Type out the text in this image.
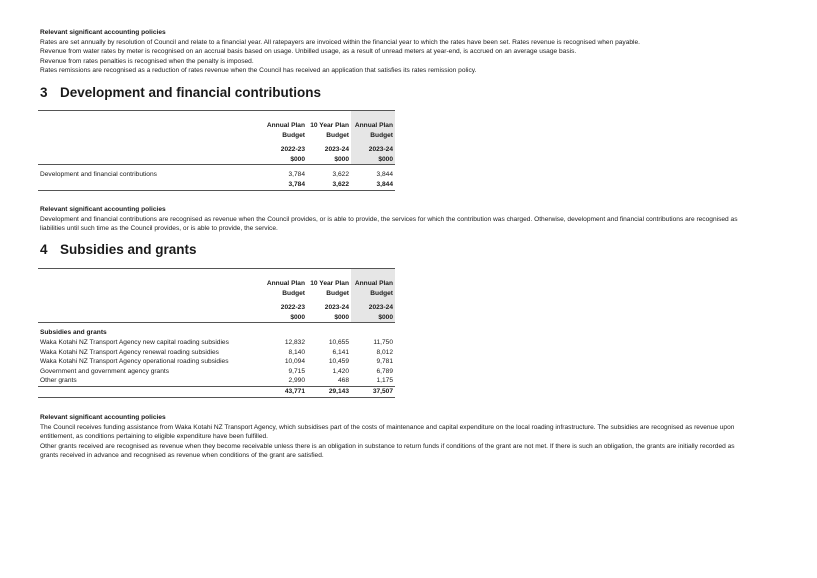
Relevant significant accounting policies

Rates are set annually by resolution of Council and relate to a financial year. All ratepayers are invoiced within the financial year to which the rates have been set. Rates revenue is recognised when payable.

Revenue from water rates by meter is recognised on an accrual basis based on usage. Unbilled usage, as a result of unread meters at year-end, is accrued on an average usage basis.

Revenue from rates penalties is recognised when the penalty is imposed.

Rates remissions are recognised as a reduction of rates revenue when the Council has received an application that satisfies its rates remission policy.

3 Development and financial contributions

	Annual Plan	10 Year Plan	Annual Plan
	Budget	Budget	Budget

	2022-23	2023-24	2023-24
	$000	$000	$000

Development and financial contributions	3,784	3,622	3,844
	3,784	3,622	3,844

Relevant significant accounting policies

Development and financial contributions are recognised as revenue when the Council provides, or is able to provide, the services for which the contribution was charged. Otherwise, development and financial contributions are recognised as liabilities until such time as the Council provides, or is able to provide, the service.

4 Subsidies and grants

	Annual Plan	10 Year Plan	Annual Plan
	Budget	Budget	Budget

	2022-23	2023-24	2023-24
	$000	$000	$000

Subsidies and grants			
Waka Kotahi NZ Transport Agency new capital roading subsidies	12,832	10,655	11,750
Waka Kotahi NZ Transport Agency renewal roading subsidies	8,140	6,141	8,012
Waka Kotahi NZ Transport Agency operational roading subsidies	10,094	10,459	9,781
Government and government agency grants	9,715	1,420	6,789
Other grants	2,990	468	1,175
	43,771	29,143	37,507

Relevant significant accounting policies

The Council receives funding assistance from Waka Kotahi NZ Transport Agency, which subsidises part of the costs of maintenance and capital expenditure on the local roading infrastructure. The subsidies are recognised as revenue upon entitlement, as conditions pertaining to eligible expenditure have been fulfilled.

Other grants received are recognised as revenue when they become receivable unless there is an obligation in substance to return funds if conditions of the grant are not met. If there is such an obligation, the grants are initially recorded as grants received in advance and recognised as revenue when conditions of the grant are satisfied.
